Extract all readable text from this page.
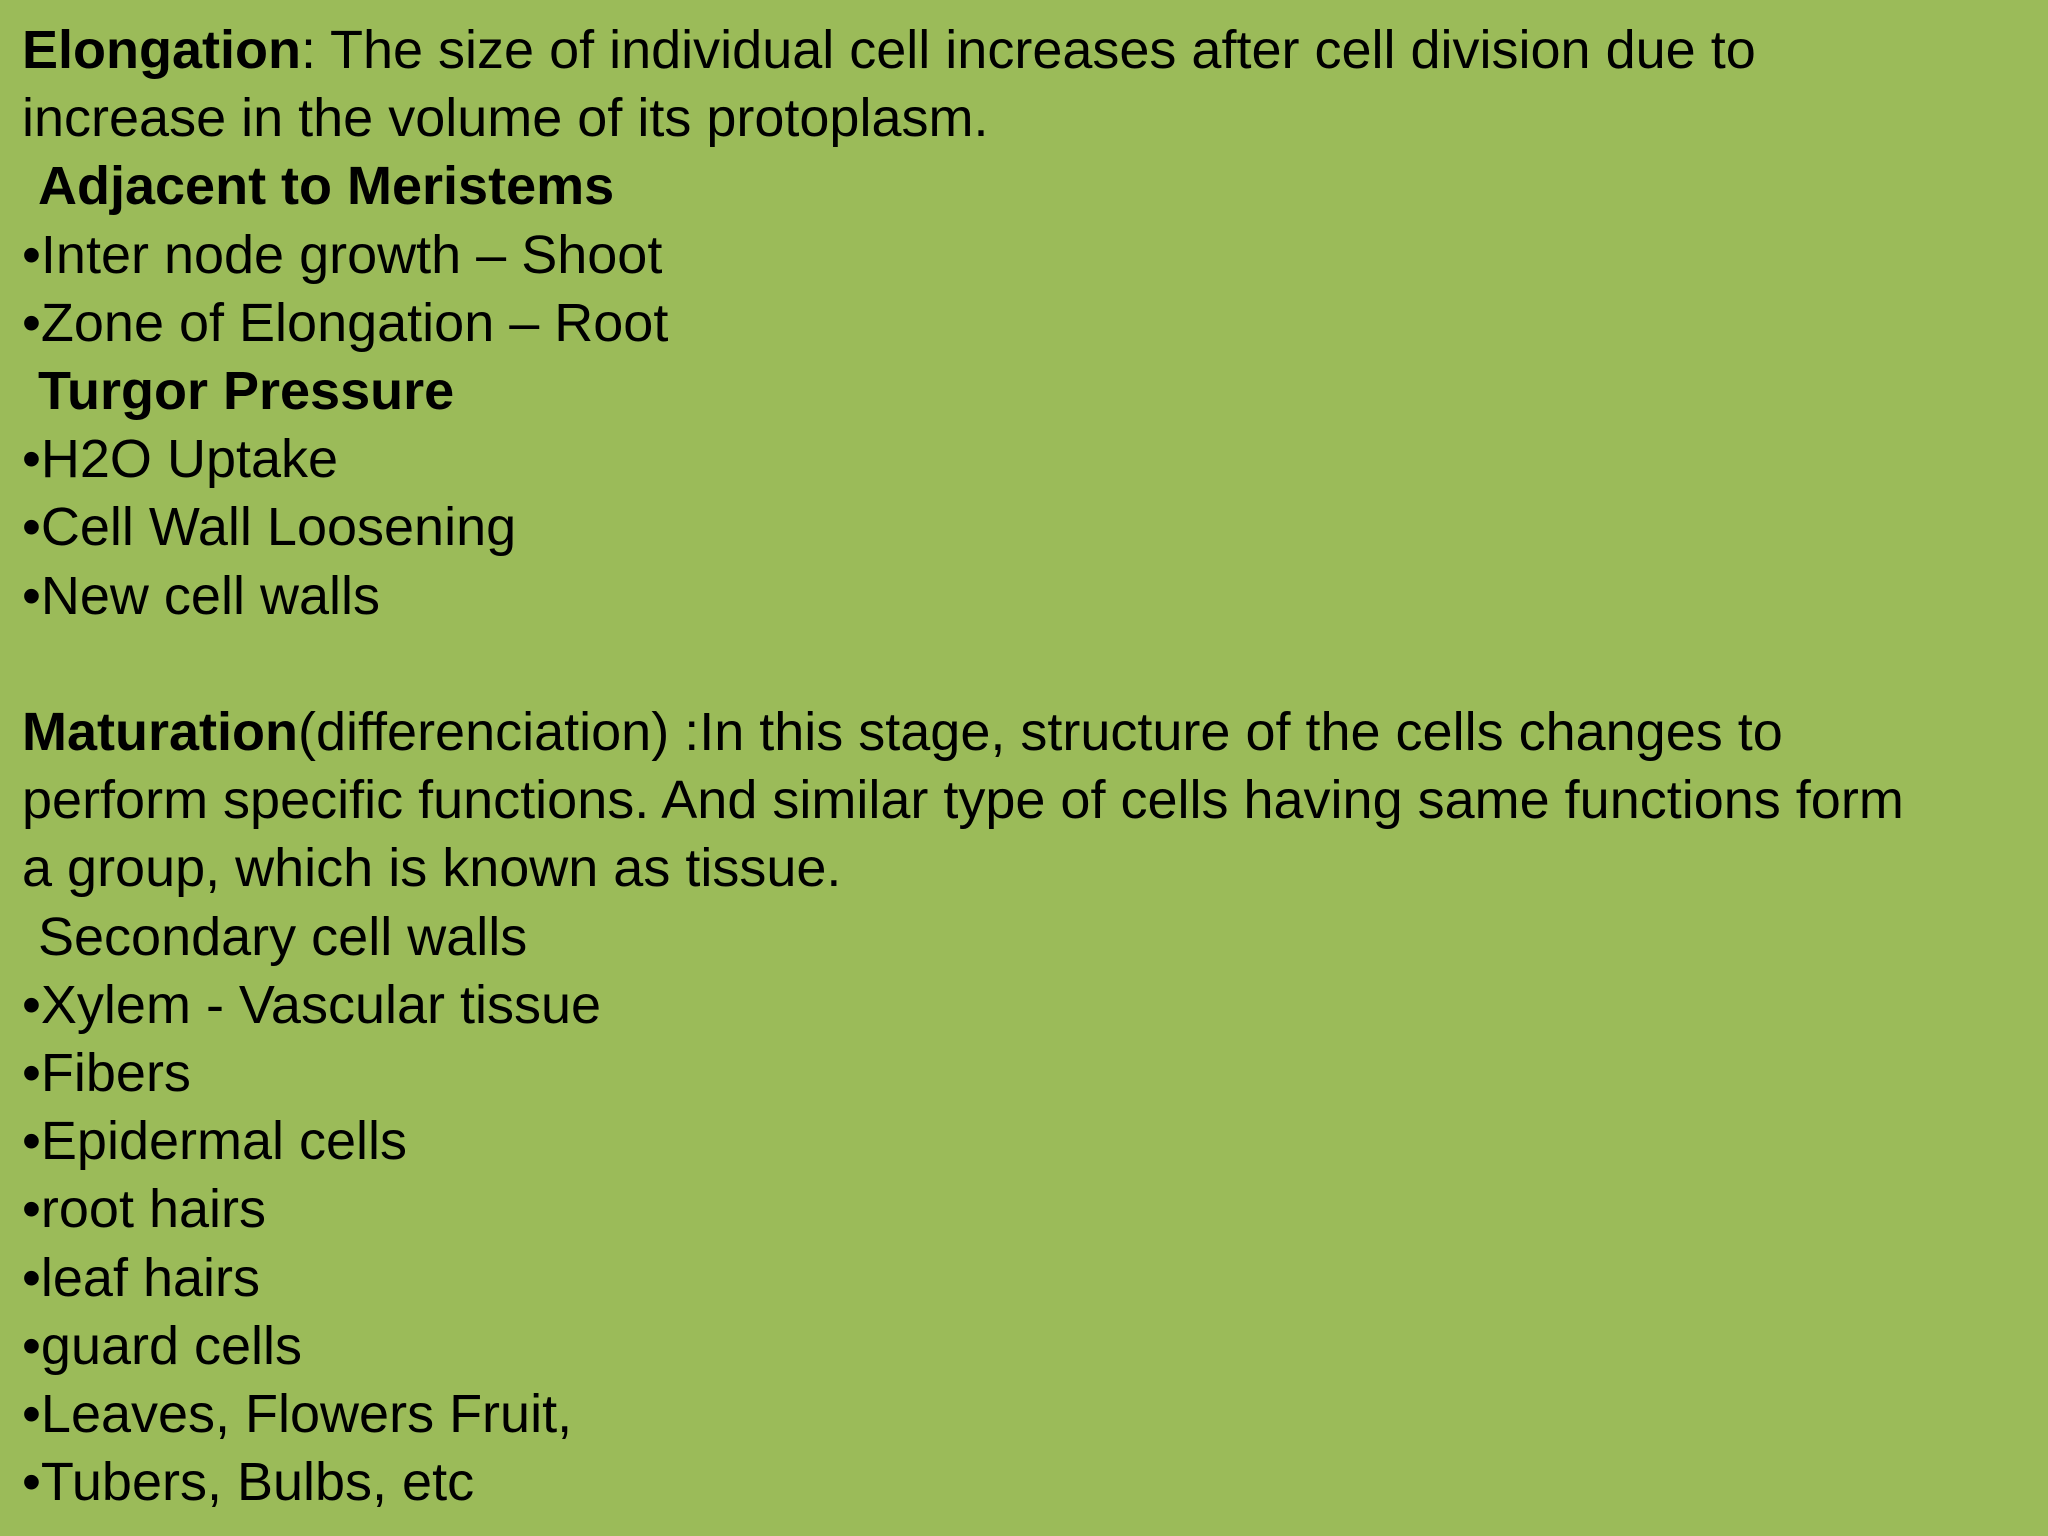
Elongation: The size of individual cell increases after cell division due to

increase in the volume of its protoplasm.

Adjacent to Meristems

•Inter node growth – Shoot

•Zone of Elongation – Root

Turgor Pressure

•H2O Uptake

•Cell Wall Loosening

•New cell walls

Maturation(differenciation) :In this stage, structure of the cells changes to

perform specific functions. And similar type of cells having same functions form

a group, which is known as tissue.

Secondary cell walls

•Xylem - Vascular tissue

•Fibers

•Epidermal cells

•root hairs

•leaf hairs

•guard cells

•Leaves, Flowers Fruit,

•Tubers, Bulbs, etc
